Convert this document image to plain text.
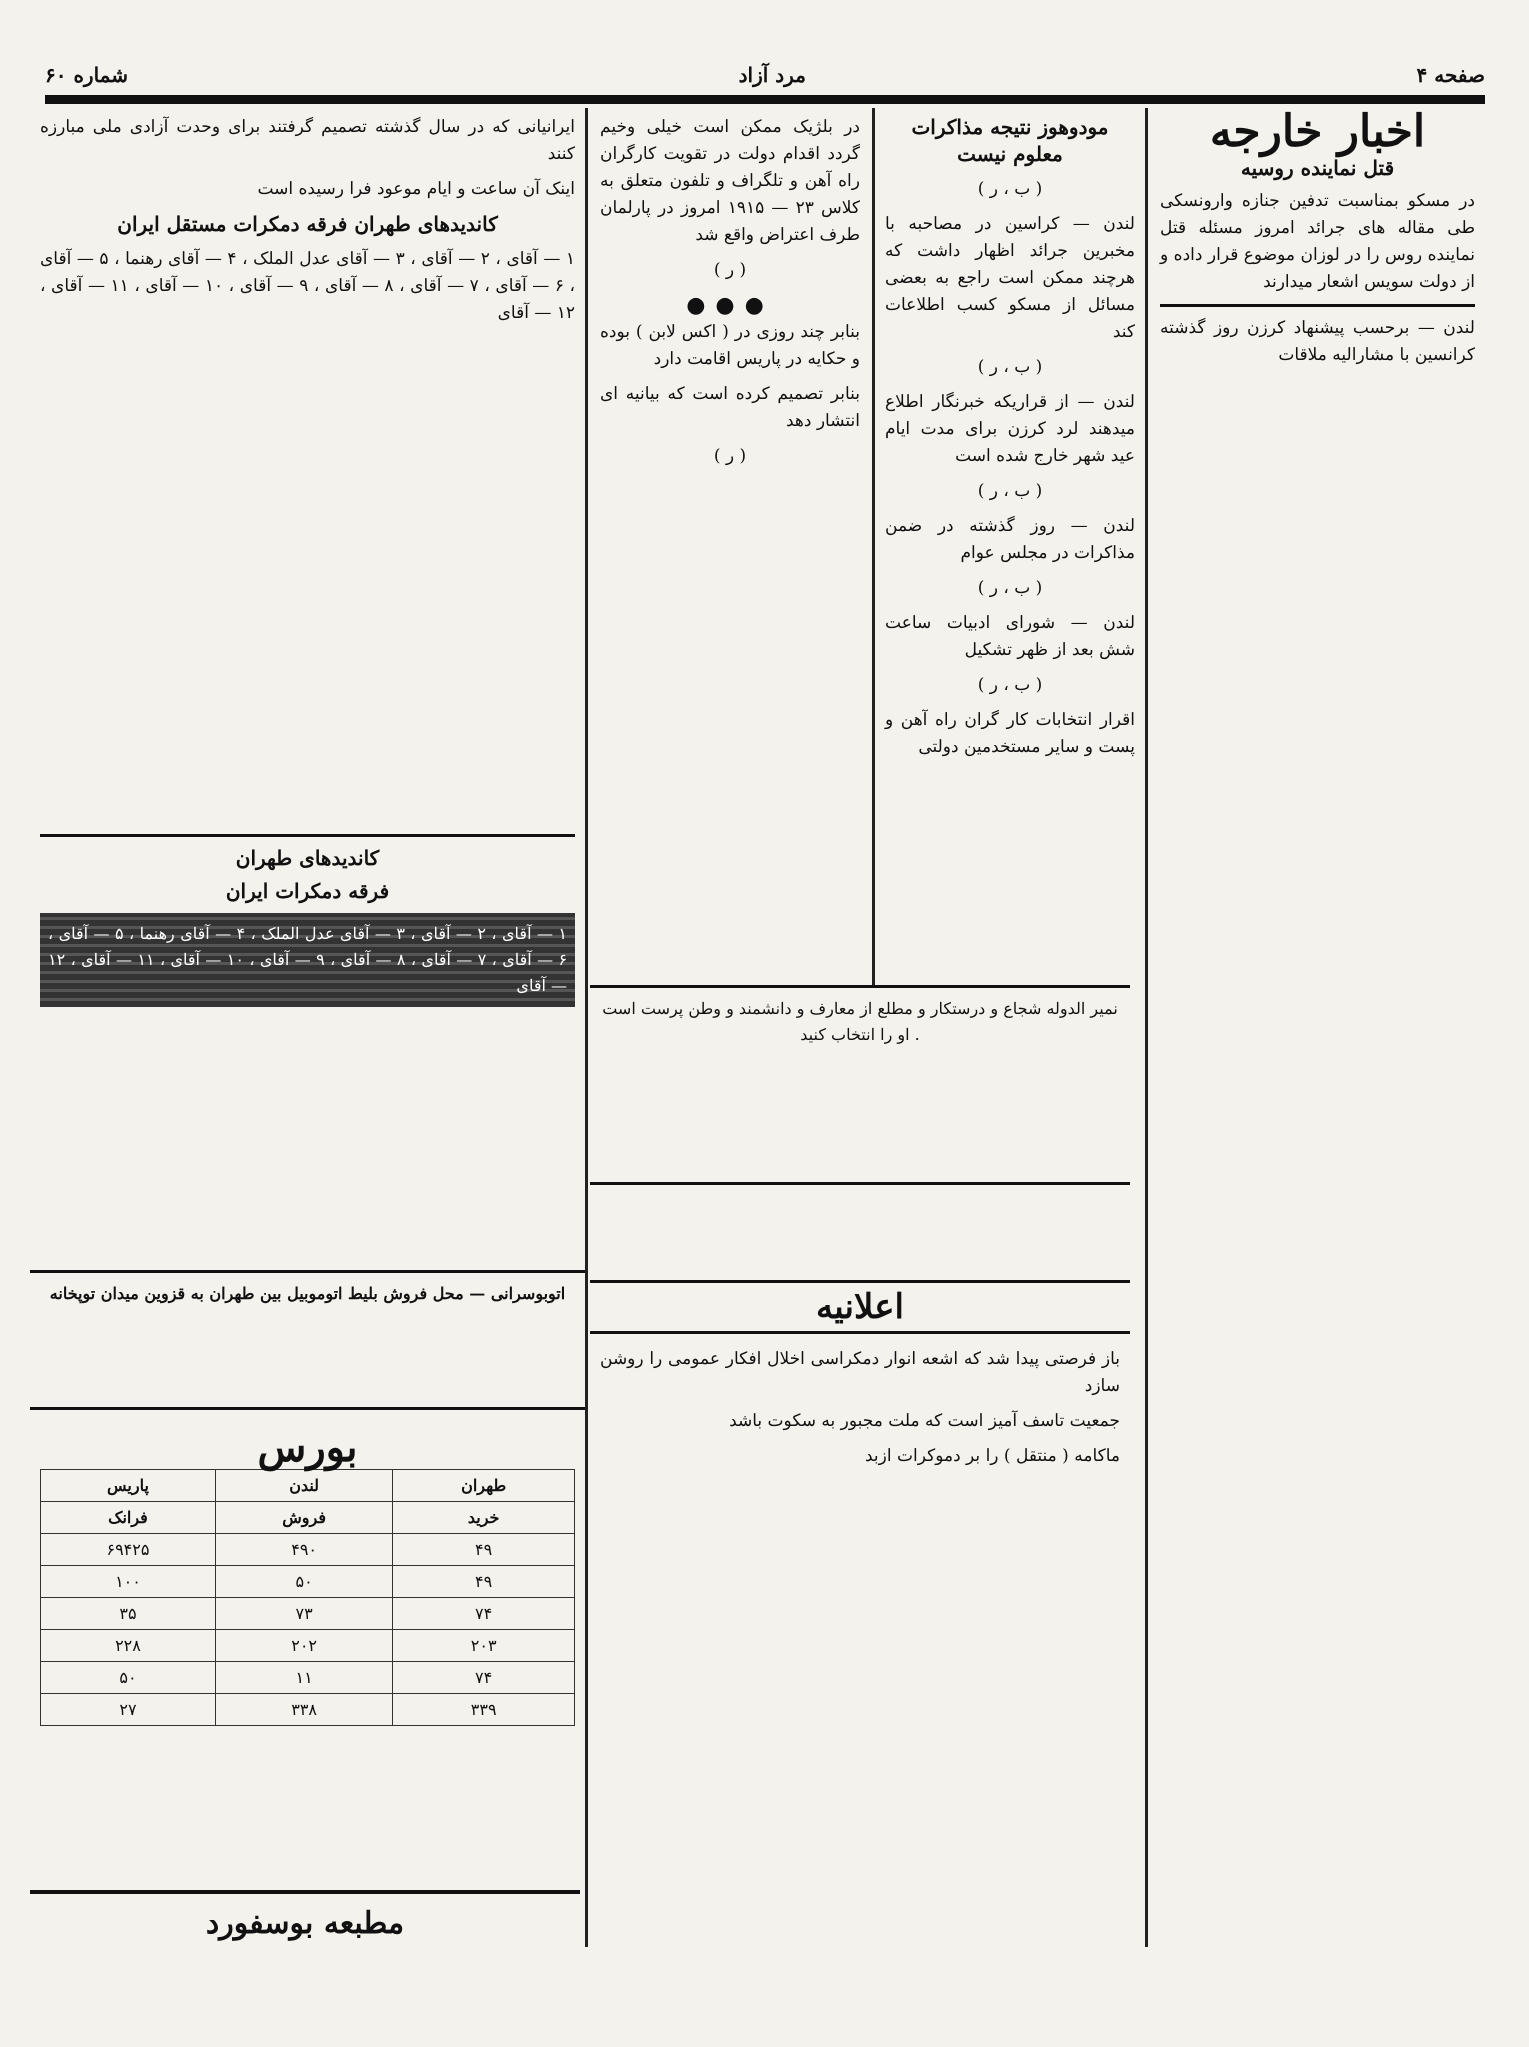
صفحه ۴
مرد آزاد
شماره ۶۰
اخبار خارجه
قتل نماینده روسیه

در مسکو بمناسبت تدفین جنازه وارونسکی طی مقاله های جرائد امروز مسئله قتل نماینده روس را در لوزان موضوع قرار داده و از دولت سویس اشعار میدارند

لندن — برحسب پیشنهاد کرزن روز گذشته کرانسین با مشارالیه ملاقات

مودوهوز نتیجه مذاکرات معلوم نیست

( ب ، ر )

لندن — کراسین در مصاحبه با مخبرین جرائد اظهار داشت که هرچند ممکن است راجع به بعضی مسائل از مسکو کسب اطلاعات کند

( ب ، ر )

لندن — از قراریکه خبرنگار اطلاع میدهند لرد کرزن برای مدت ایام عید شهر خارج شده است

( ب ، ر )

لندن — روز گذشته در ضمن مذاکرات در مجلس عوام

( ب ، ر )

لندن — شورای ادبیات ساعت شش بعد از ظهر تشکیل

( ب ، ر )

اقرار انتخابات کار گران راه آهن و پست و سایر مستخدمین دولتی

در بلژیک ممکن است خیلی وخیم گردد اقدام دولت در تقویت کارگران راه آهن و تلگراف و تلفون متعلق به کلاس ۲۳ — ۱۹۱۵ امروز در پارلمان طرف اعتراض واقع شد

( ر )

●●●

بنابر چند روزی در ( اکس لابن ) بوده و حکایه در پاریس اقامت دارد

بنابر تصمیم کرده است که بیانیه ای انتشار دهد

( ر )

نمیر الدوله شجاع و درستکار و مطلع از معارف و دانشمند و وطن پرست است . او را انتخاب کنید
اعلانیه

باز فرصتی پیدا شد که اشعه انوار دمکراسی اخلال افکار عمومی را روشن سازد

جمعیت تاسف آمیز است که ملت مجبور به سکوت باشد

ماکامه ( منتقل ) را بر دموکرات ازبد

ایرانیانی که در سال گذشته تصمیم گرفتند برای وحدت آزادی ملی مبارزه کنند

اینک آن ساعت و ایام موعود فرا رسیده است

کاندیدهای طهران فرقه دمکرات مستقل ایران

۱ — آقای ، ۲ — آقای ، ۳ — آقای عدل الملک ، ۴ — آقای رهنما ، ۵ — آقای ، ۶ — آقای ، ۷ — آقای ، ۸ — آقای ، ۹ — آقای ، ۱۰ — آقای ، ۱۱ — آقای ، ۱۲ — آقای

کاندیدهای طهران
فرقه دمکرات ایران
۱ — آقای ، ۲ — آقای ، ۳ — آقای عدل الملک ، ۴ — آقای رهنما ، ۵ — آقای ، ۶ — آقای ، ۷ — آقای ، ۸ — آقای ، ۹ — آقای ، ۱۰ — آقای ، ۱۱ — آقای ، ۱۲ — آقای
اتوبوسرانی — محل فروش بلیط اتوموبیل بین طهران به قزوین میدان توپخانه
بورس
طهران	لندن	پاریس
خرید	فروش	فرانک
۴۹	۴۹۰	۶۹۴۲۵
۴۹	۵۰	۱۰۰
۷۴	۷۳	۳۵
۲۰۳	۲۰۲	۲۲۸
۷۴	۱۱	۵۰
۳۳۹	۳۳۸	۲۷
مطبعه بوسفورد
